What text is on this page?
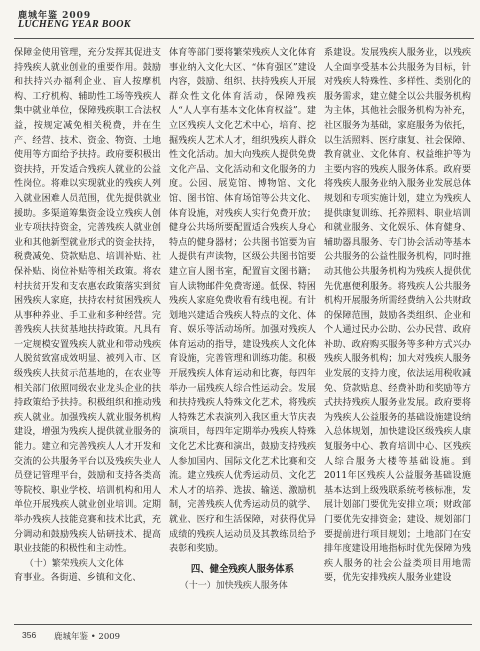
鹿城年鉴 2009
LUCHENG YEAR BOOK

保障金使用管理，充分发挥其促进支持残疾人就业创业的重要作用。鼓励和扶持兴办福利企业、盲人按摩机构、工疗机构、辅助性工场等残疾人集中就业单位，保障残疾职工合法权益，按规定减免相关税费，并在生产、经营、技术、资金、物资、土地使用等方面给予扶持。政府要积极出资扶持，开发适合残疾人就业的公益性岗位。将难以实现就业的残疾人列入就业困难人员范围，优先提供就业援助。多渠道筹集资金设立残疾人创业专项扶持资金，完善残疾人就业创业和其他新型就业形式的资金扶持，税费减免、贷款贴息、培训补贴、社保补贴、岗位补贴等相关政策。将农村扶贫开发和支农惠农政策落实到贫困残疾人家庭，扶持农村贫困残疾人从事种养业、手工业和多种经营。完善残疾人扶贫基地扶持政策。凡具有一定规模安置残疾人就业和带动残疾人脱贫致富成效明显、被列入市、区级残疾人扶贫示范基地的，在农业等相关部门依照同级农业龙头企业的扶持政策给予扶持。积极组织和推动残疾人就业。加强残疾人就业服务机构建设，增强为残疾人提供就业服务的能力。建立和完善残疾人人才开发和交流的公共服务平台以及残疾失业人员登记管理平台，鼓励和支持各类高等院校、职业学校、培训机构和用人单位开展残疾人就业创业培训。定期举办残疾人技能竞赛和技术比武，充分调动和鼓励残疾人钻研技术、提高职业技能的积极性和主动性。

（十）繁荣残疾人文化体

育事业。各街道、乡镇和文化、

体育等部门要将繁荣残疾人文化体育事业纳入文化大区、“体育强区”建设内容，鼓励、组织、扶持残疾人开展群众性文化体育活动，保障残疾人“人人享有基本文化体育权益”。建立区残疾人文化艺术中心，培育、挖掘残疾人艺术人才，组织残疾人群众性文化活动。加大向残疾人提供免费文化产品、文化活动和文化服务的力度。公园、展览馆、博物馆、文化馆、图书馆、体育场馆等公共文化、体育设施，对残疾人实行免费开放；健身公共场所要配置适合残疾人身心特点的健身器材；公共图书馆要为盲人提供有声读物，区级公共图书馆要建立盲人图书室，配置盲文图书籍；盲人读物邮件免费寄递。低保、特困残疾人家庭免费收看有线电视。有计划地兴建适合残疾人特点的文化、体育、娱乐等活动场所。加强对残疾人体育运动的指导，建设残疾人文化体育设施，完善管理和训练功能。积极开展残疾人体育运动和比赛，每四年举办一届残疾人综合性运动会。发展和扶持残疾人特殊文化艺术，将残疾人特殊艺术表演列入我区重大节庆表演项目，每四年定期举办残疾人特殊文化艺术比赛和演出，鼓励支持残疾人参加国内、国际文化艺术比赛和交流。建立残疾人优秀运动员、文化艺术人才的培养、选拔、输送、激励机制，完善残疾人优秀运动员的就学、就业、医疗和生活保障，对获得优异成绩的残疾人运动员及其教练员给予表彰和奖励。

四、健全残疾人服务体系

（十一）加快残疾人服务体

系建设。发展残疾人服务业，以残疾人全面享受基本公共服务为目标，针对残疾人特殊性、多样性、类别化的服务需求，建立健全以公共服务机构为主体，其他社会服务机构为补充，社区服务为基础，家庭服务为依托，以生活照料、医疗康复、社会保障、教育就业、文化体育、权益维护等为主要内容的残疾人服务体系。政府要将残疾人服务业纳入服务业发展总体规划和专项实施计划，建立为残疾人提供康复训练、托养照料、职业培训和就业服务、文化娱乐、体育健身、辅助器具服务、专门协会活动等基本公共服务的公益性服务机构，同时推动其他公共服务机构为残疾人提供优先优惠便利服务。将残疾人公共服务机构开展服务所需经费纳入公共财政的保障范围，鼓励各类组织、企业和个人通过民办公助、公办民营、政府补助、政府购买服务等多种方式兴办残疾人服务机构；加大对残疾人服务业发展的支持力度，依法运用税收减免、贷款贴息、经费补助和奖励等方式扶持残疾人服务业发展。政府要将为残疾人公益服务的基础设施建设纳入总体规划，加快建设区级残疾人康复服务中心、教育培训中心、区残疾人综合服务大楼等基础设施。到2011年区残疾人公益服务基础设施基本达到上级残联系统考核标准，发展计划部门要优先安排立项；财政部门要优先安排资金；建设、规划部门要提前进行项目规划；土地部门在安排年度建设用地指标时优先保障为残疾人服务的社会公益类项目用地需要，优先安排残疾人服务业建设

356 鹿城年鉴 • 2009
